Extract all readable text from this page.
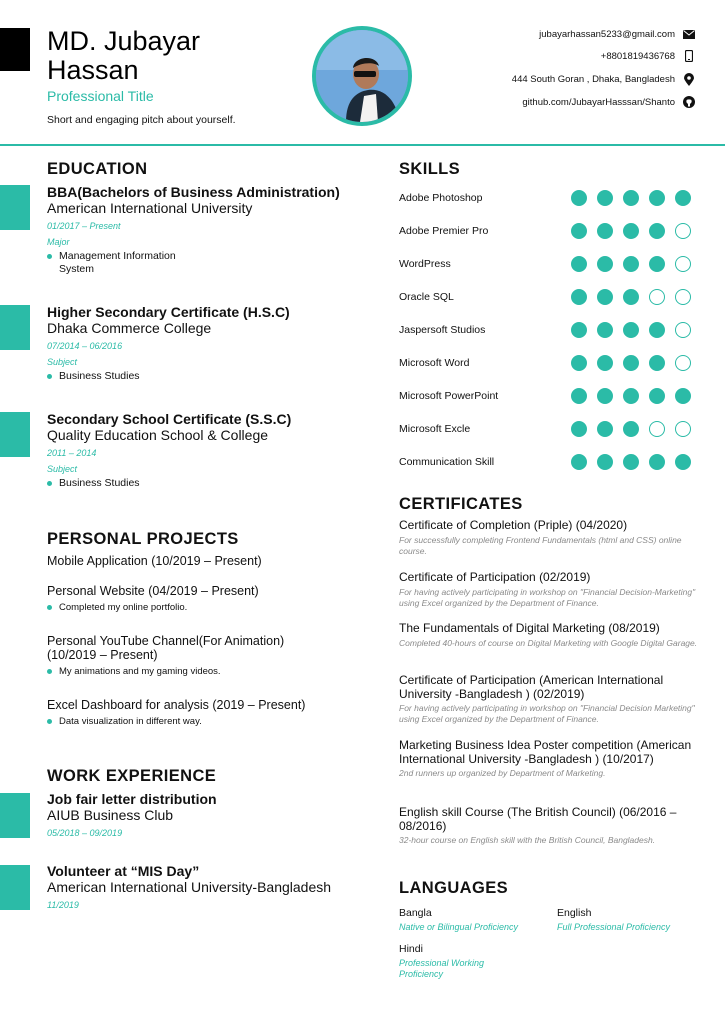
MD. Jubayar Hassan
Professional Title
Short and engaging pitch about yourself.
jubayarhassan5233@gmail.com
+8801819436768
444 South Goran , Dhaka, Bangladesh
github.com/JubayarHasssan/Shanto
EDUCATION
BBA(Bachelors of Business Administration)
American International University
01/2017 – Present
Major
Management Information System
Higher Secondary Certificate (H.S.C)
Dhaka Commerce College
07/2014 – 06/2016
Subject
Business Studies
Secondary School Certificate (S.S.C)
Quality Education School & College
2011 – 2014
Subject
Business Studies
PERSONAL PROJECTS
Mobile Application (10/2019 – Present)
Personal Website (04/2019 – Present)
Completed my online portfolio.
Personal YouTube Channel(For Animation) (10/2019 – Present)
My animations and my gaming videos.
Excel Dashboard for analysis (2019 – Present)
Data visualization in different way.
WORK EXPERIENCE
Job fair letter distribution
AIUB Business Club
05/2018 – 09/2019
Volunteer at “MIS Day”
American International University-Bangladesh
11/2019
SKILLS
Adobe Photoshop
Adobe Premier Pro
WordPress
Oracle SQL
Jaspersoft Studios
Microsoft Word
Microsoft PowerPoint
Microsoft Excle
Communication Skill
CERTIFICATES
Certificate of Completion (Priple) (04/2020)
For successfully completing Frontend Fundamentals (html and CSS) online course.
Certificate of Participation (02/2019)
For having actively participating in workshop on "Financial Decision-Marketing" using Excel organized by the Department of Finance.
The Fundamentals of Digital Marketing (08/2019)
Completed 40-hours of course on Digital Marketing with Google Digital Garage.
Certificate of Participation (American International University -Bangladesh ) (02/2019)
For having actively participating in workshop on "Financial Decision Marketing" using Excel organized by the Department of Finance.
Marketing Business Idea Poster competition (American International University -Bangladesh ) (10/2017)
2nd runners up organized by Department of Marketing.
English skill Course (The British Council) (06/2016 – 08/2016)
32-hour course on English skill with the British Council, Bangladesh.
LANGUAGES
Bangla
Native or Bilingual Proficiency
English
Full Professional Proficiency
Hindi
Professional Working Proficiency
